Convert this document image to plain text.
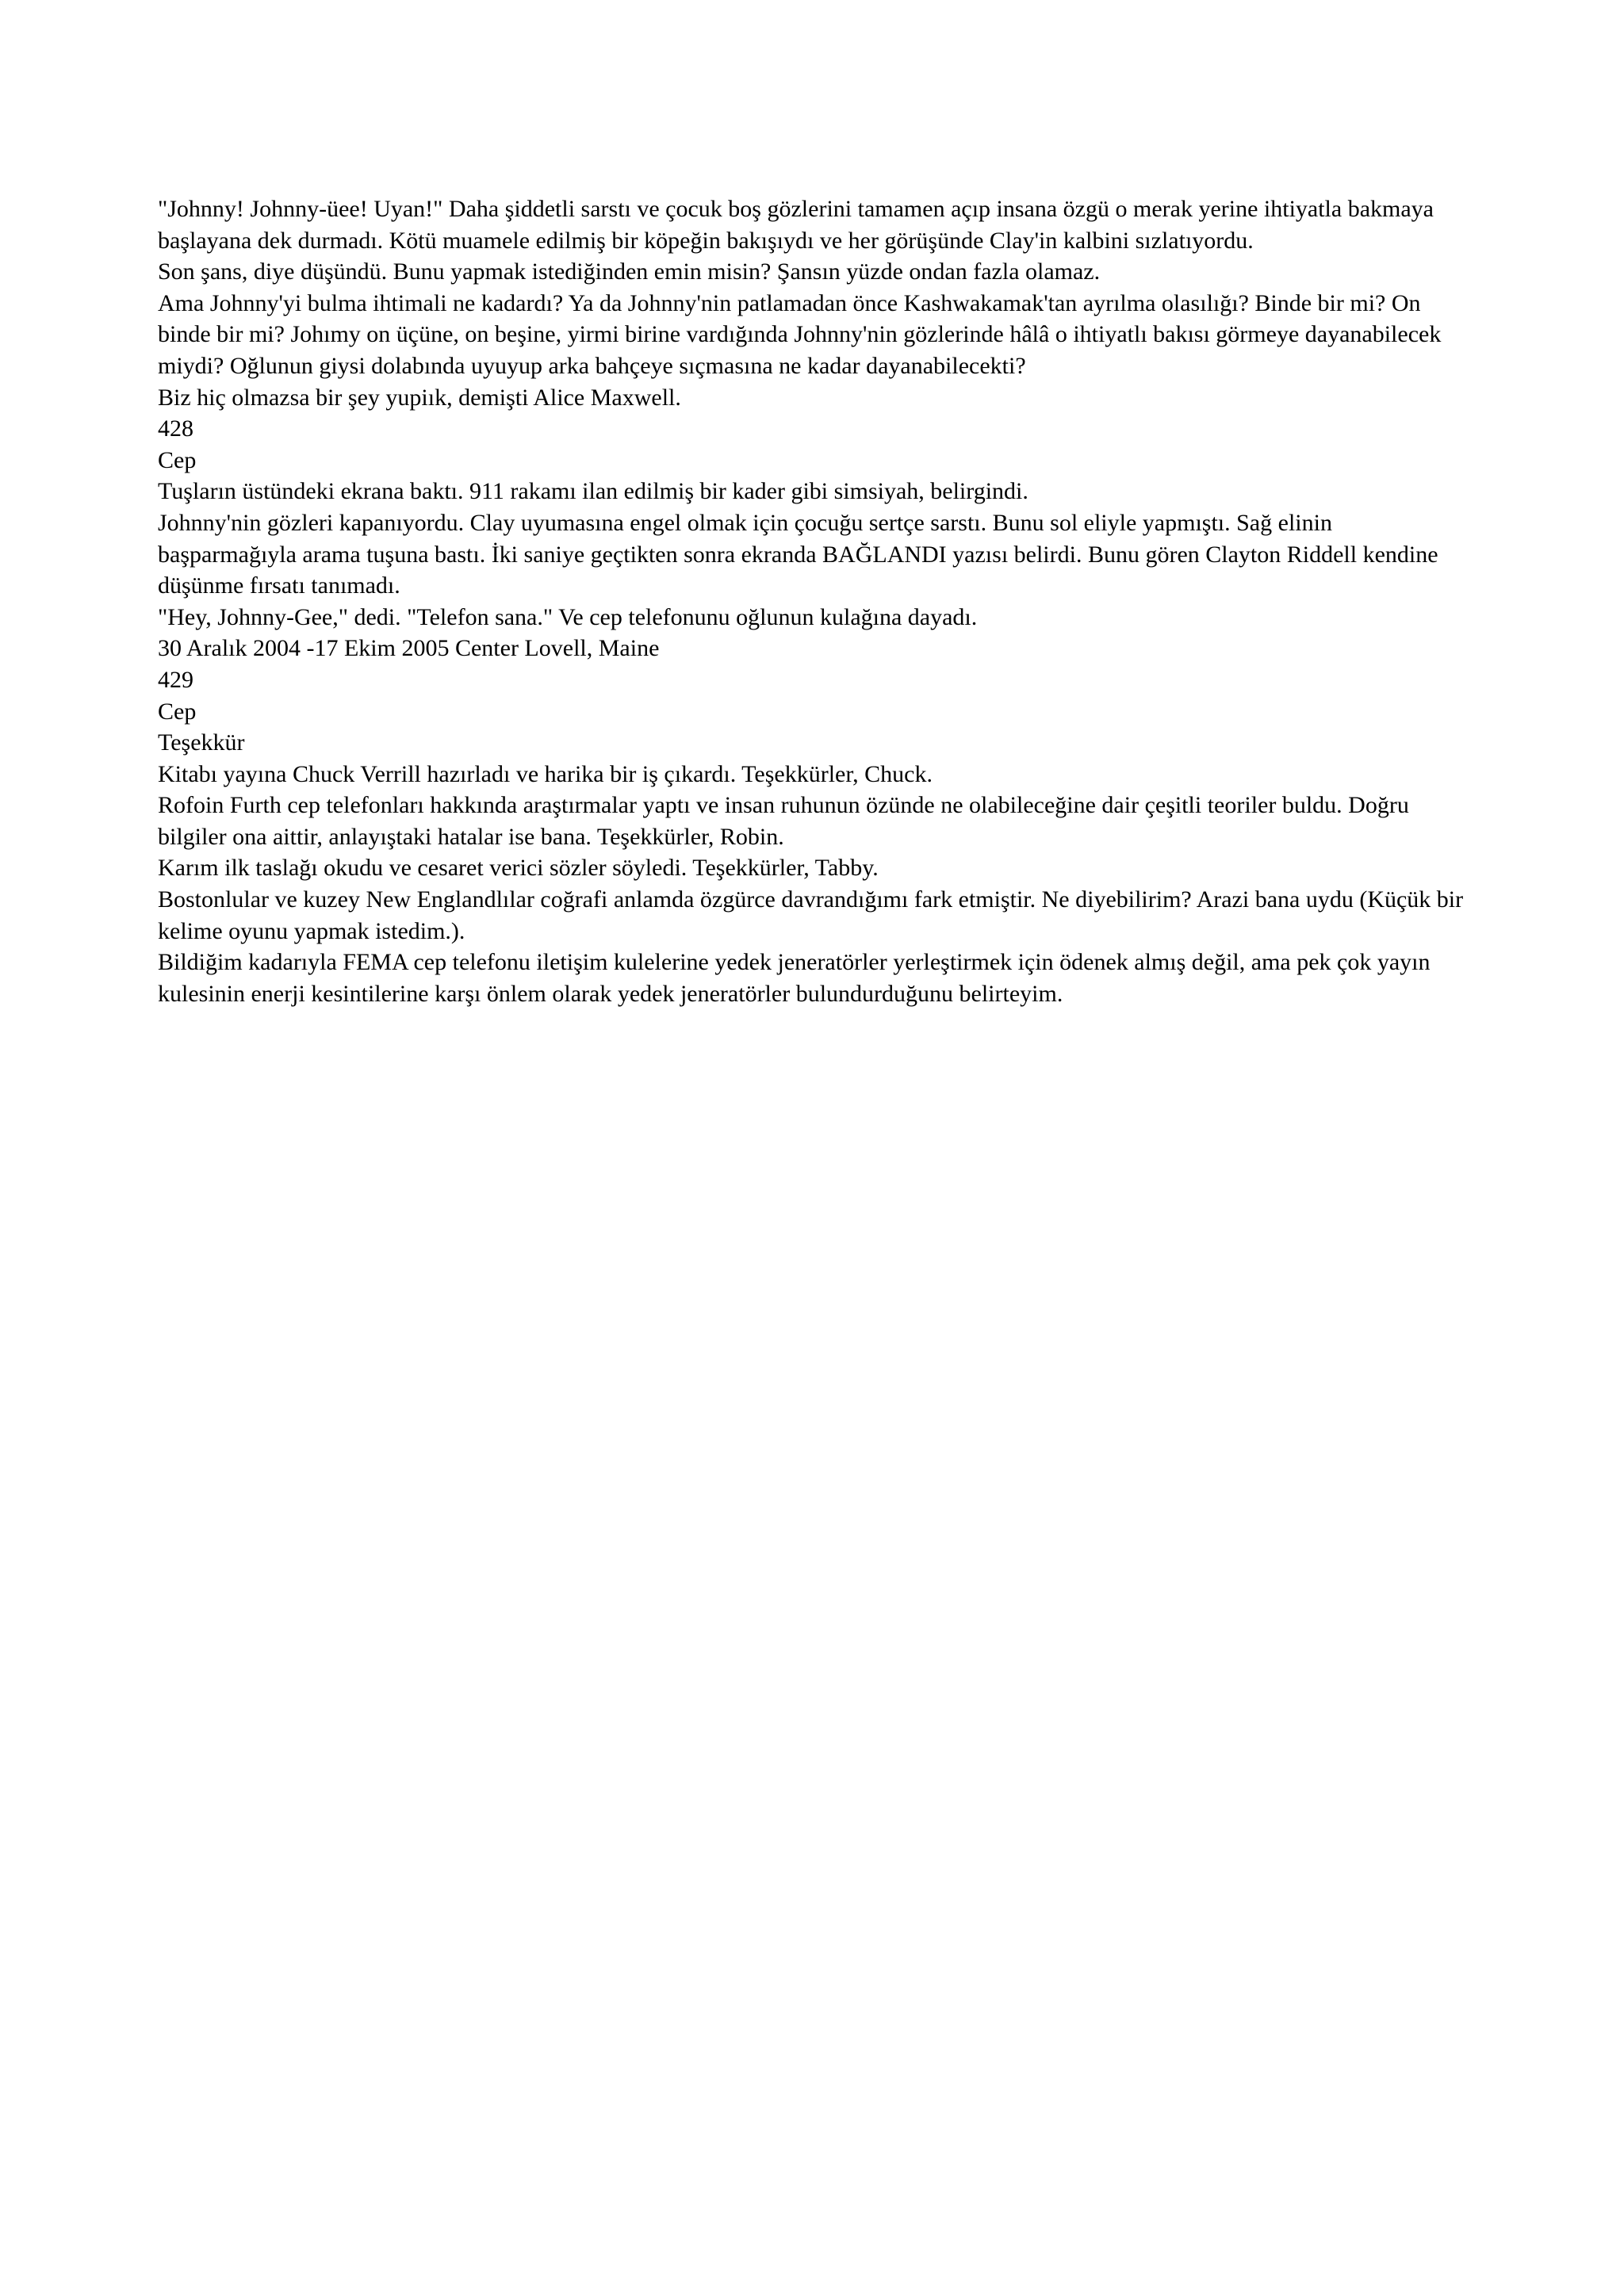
"Johnny! Johnny-üee! Uyan!" Daha şiddetli sarstı ve çocuk boş gözlerini tamamen açıp insana özgü o merak yerine ihtiyatla bakmaya başlayana dek durmadı. Kötü muamele edilmiş bir köpeğin bakışıydı ve her görüşünde Clay'in kalbini sızlatıyordu.

Son şans, diye düşündü. Bunu yapmak istediğinden emin misin? Şansın yüzde ondan fazla olamaz.

Ama Johnny'yi bulma ihtimali ne kadardı? Ya da Johnny'nin patlamadan önce Kashwakamak'tan ayrılma olasılığı? Binde bir mi? On binde bir mi? Johımy on üçüne, on beşine, yirmi birine vardığında Johnny'nin gözlerinde hâlâ o ihtiyatlı bakısı görmeye dayanabilecek miydi? Oğlunun giysi dolabında uyuyup arka bahçeye sıçmasına ne kadar dayanabilecekti?

Biz hiç olmazsa bir şey yupiık, demişti Alice Maxwell.

428

Cep

Tuşların üstündeki ekrana baktı. 911 rakamı ilan edilmiş bir kader gibi simsiyah, belirgindi.

Johnny'nin gözleri kapanıyordu. Clay uyumasına engel olmak için çocuğu sertçe sarstı. Bunu sol eliyle yapmıştı. Sağ elinin başparmağıyla arama tuşuna bastı. İki saniye geçtikten sonra ekranda BAĞLANDI yazısı belirdi. Bunu gören Clayton Riddell kendine düşünme fırsatı tanımadı.

"Hey, Johnny-Gee," dedi. "Telefon sana." Ve cep telefonunu oğlunun kulağına dayadı.

30 Aralık 2004 -17 Ekim 2005 Center Lovell, Maine

429

Cep

Teşekkür

Kitabı yayına Chuck Verrill hazırladı ve harika bir iş çıkardı. Teşekkürler, Chuck.

Rofoin Furth cep telefonları hakkında araştırmalar yaptı ve insan ruhunun özünde ne olabileceğine dair çeşitli teoriler buldu. Doğru bilgiler ona aittir, anlayıştaki hatalar ise bana. Teşekkürler, Robin.

Karım ilk taslağı okudu ve cesaret verici sözler söyledi. Teşekkürler, Tabby.

Bostonlular ve kuzey New Englandlılar coğrafi anlamda özgürce davrandığımı fark etmiştir. Ne diyebilirim? Arazi bana uydu (Küçük bir kelime oyunu yapmak istedim.).

Bildiğim kadarıyla FEMA cep telefonu iletişim kulelerine yedek jeneratörler yerleştirmek için ödenek almış değil, ama pek çok yayın kulesinin enerji kesintilerine karşı önlem olarak yedek jeneratörler bulundurduğunu belirteyim.
